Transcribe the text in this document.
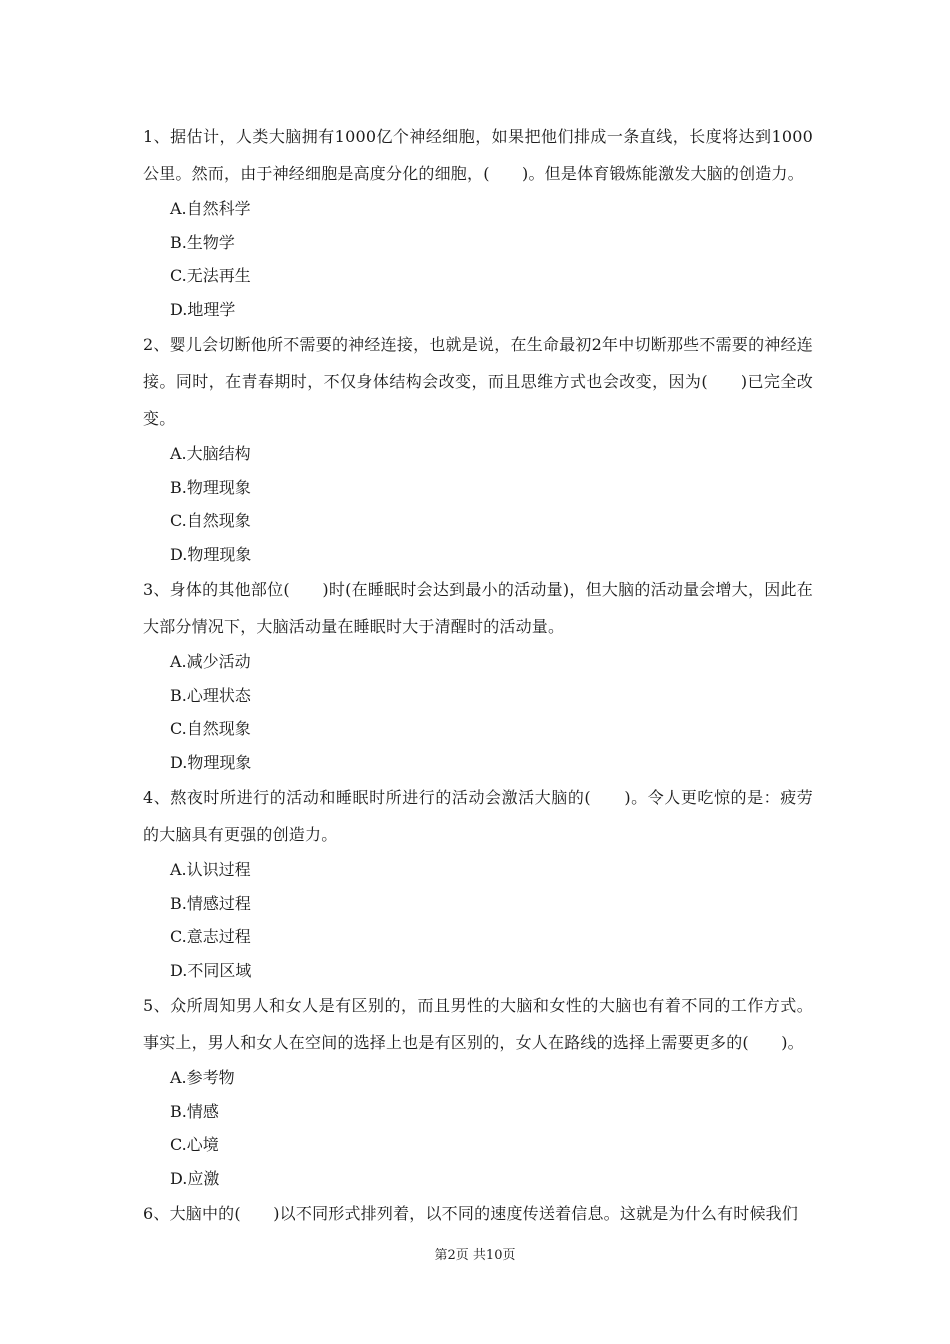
1、据估计，人类大脑拥有1000亿个神经细胞，如果把他们排成一条直线，长度将达到1000公里。然而，由于神经细胞是高度分化的细胞，(　　)。但是体育锻炼能激发大脑的创造力。

A.自然科学
B.生物学
C.无法再生
D.地理学

2、婴儿会切断他所不需要的神经连接，也就是说，在生命最初2年中切断那些不需要的神经连接。同时，在青春期时，不仅身体结构会改变，而且思维方式也会改变，因为(　　)已完全改变。

A.大脑结构
B.物理现象
C.自然现象
D.物理现象

3、身体的其他部位(　　)时(在睡眠时会达到最小的活动量)，但大脑的活动量会增大，因此在大部分情况下，大脑活动量在睡眠时大于清醒时的活动量。

A.减少活动
B.心理状态
C.自然现象
D.物理现象

4、熬夜时所进行的活动和睡眠时所进行的活动会激活大脑的(　　)。令人更吃惊的是：疲劳的大脑具有更强的创造力。

A.认识过程
B.情感过程
C.意志过程
D.不同区域

5、众所周知男人和女人是有区别的，而且男性的大脑和女性的大脑也有着不同的工作方式。事实上，男人和女人在空间的选择上也是有区别的，女人在路线的选择上需要更多的(　　)。

A.参考物
B.情感
C.心境
D.应激

6、大脑中的(　　)以不同形式排列着，以不同的速度传送着信息。这就是为什么有时候我们

第2页 共10页
